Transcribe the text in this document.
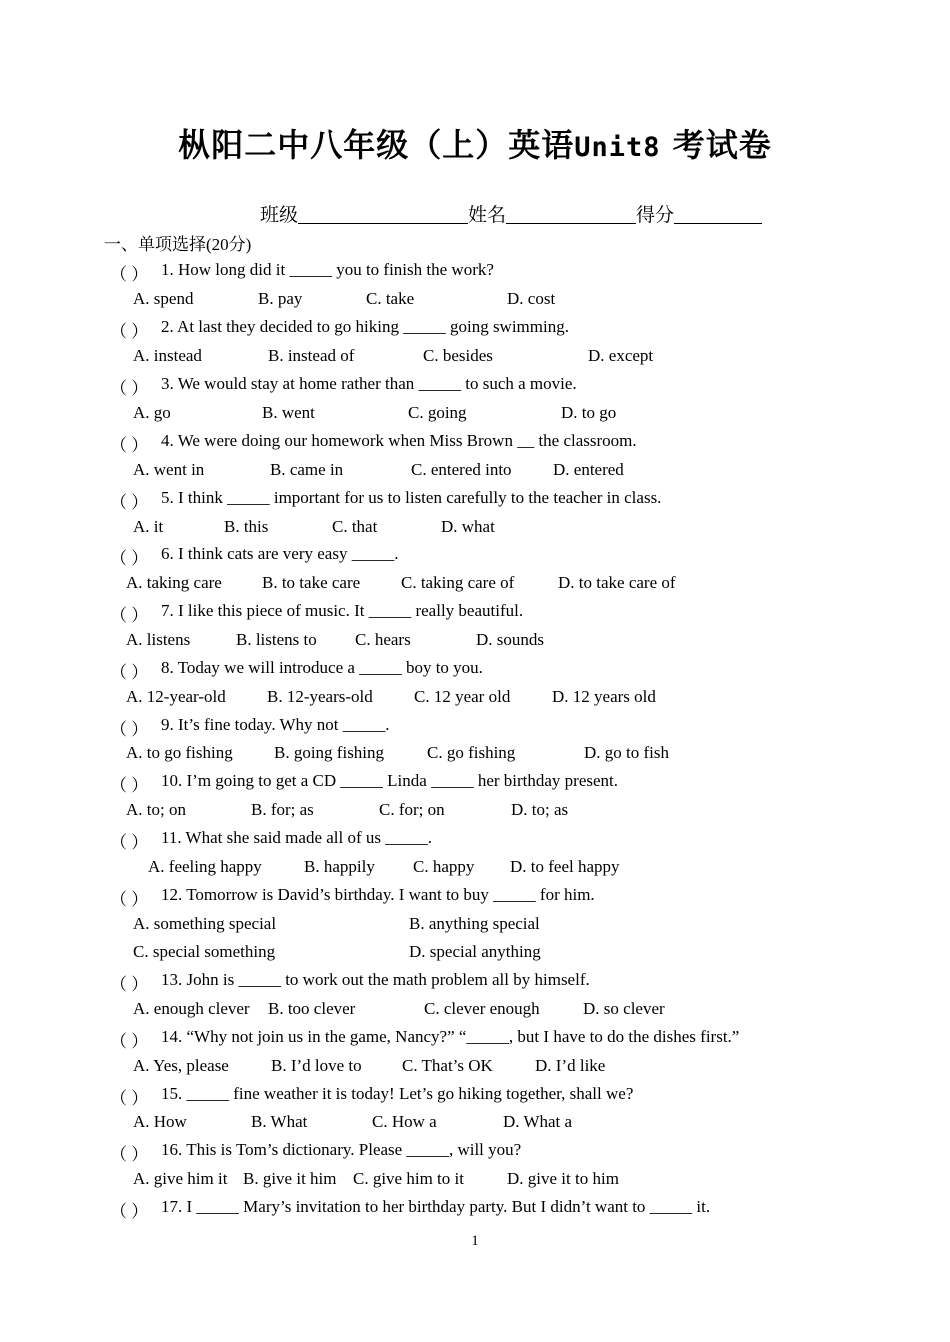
枞阳二中八年级（上）英语Unit8 考试卷
班级	姓名	得分
一、单项选择(20分)
（ ） 1. How long did it _____ you to finish the work?
A. spend	B. pay	C. take	D. cost
（ ） 2. At last they decided to go hiking _____ going swimming.
A. instead	B. instead of	C. besides	D. except
（ ） 3. We would stay at home rather than _____ to such a movie.
A. go	B. went	C. going	D. to go
（ ） 4. We were doing our homework when Miss Brown __ the classroom.
A. went in	B. came in	C. entered into D. entered
（ ） 5. I think _____ important for us to listen carefully to the teacher in class.
A. it	B. this	C. that	D. what
（ ） 6. I think cats are very easy _____.
A. taking care B. to take care C. taking care of	D. to take care of
（ ） 7. I like this piece of music. It _____ really beautiful.
A. listens	B. listens to C. hears	D. sounds
（ ） 8. Today we will introduce a _____ boy to you.
A. 12-year-old B. 12-years-old C. 12 year old D. 12 years old
（ ） 9. It’s fine today. Why not _____.
A. to go fishing B. going fishing	C. go fishing	D. go to fish
（ ） 10. I’m going to get a CD _____ Linda _____ her birthday present.
A. to; on	B. for; as	C. for; on	D. to; as
（ ） 11. What she said made all of us _____.
A. feeling happy B. happily C. happy D. to feel happy
（ ） 12. Tomorrow is David’s birthday. I want to buy _____ for him.
A. something special	B. anything special
C. special something	D. special anything
（ ） 13. John is _____ to work out the math problem all by himself.
A. enough clever B. too clever	C. clever enough	D. so clever
（ ） 14. “Why not join us in the game, Nancy?” “_____, but I have to do the dishes first.”
A. Yes, please B. I’d love to C. That’s OK D. I’d like
（ ） 15. _____ fine weather it is today! Let’s go hiking together, shall we?
A. How	B. What	C. How a	D. What a
（ ） 16. This is Tom’s dictionary. Please _____, will you?
A. give him it B. give it him C. give him to it	D. give it to him
（ ） 17. I _____ Mary’s invitation to her birthday party. But I didn’t want to _____ it.
1
